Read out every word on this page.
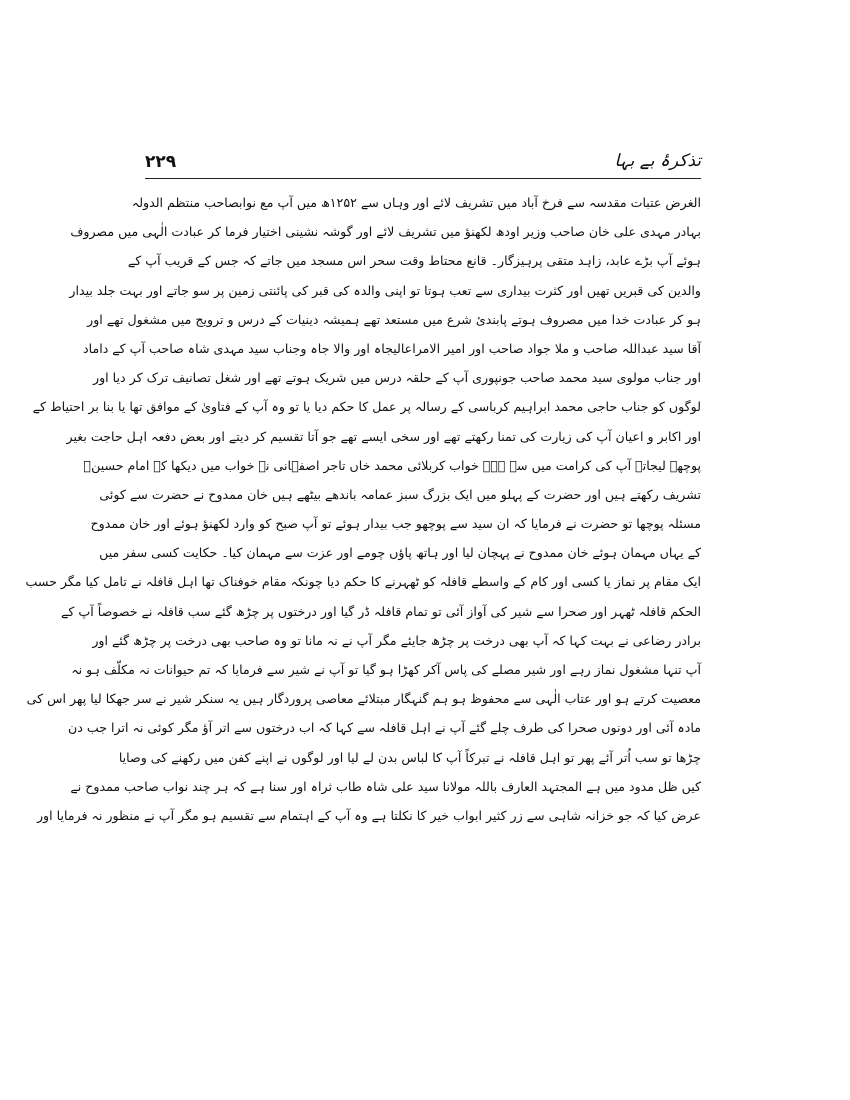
۲۲۹	تذکرۂ بے بہا
الغرض عتبات مقدسہ سے فرخ آباد میں تشریف لائے اور وہاں سے ۱۲۵۲ھ میں آپ مع نوابصاحب منتظم الدولہ
بہادر مہدی علی خان صاحب وزیر اودھ لکھنؤ میں تشریف لائے اور گوشہ نشینی اختیار فرما کر عبادت الٰہی میں مصروف
ہوئے آپ بڑے عابد، زاہد متقی پرہیزگار۔ قانع محتاط وقت سحر اس مسجد میں جاتے کہ جس کے قریب آپ کے
والدین کی قبریں تھیں اور کثرت بیداری سے تعب ہوتا تو اپنی والدہ کی قبر کی پائنتی زمین پر سو جاتے اور بہت جلد بیدار
ہو کر عبادت خدا میں مصروف ہوتے پابندئ شرع میں مستعد تھے ہمیشہ دینیات کے درس و ترویج میں مشغول تھے اور
آقا سید عبداللہ صاحب و ملا جواد صاحب اور امیر الامراعالیجاہ اور والا جاہ وجناب سید مہدی شاہ صاحب آپ کے داماد
اور جناب مولوی سید محمد صاحب جونپوری آپ کے حلقہ درس میں شریک ہوتے تھے اور شغل تصانیف ترک کر دیا اور
لوگوں کو جناب حاجی محمد ابراہیم کرباسی کے رسالہ پر عمل کا حکم دیا یا تو وہ آپ کے فتاویٰ کے موافق تھا یا بنا بر احتیاط کے
اور اکابر و اعیان آپ کی زیارت کی تمنا رکھتے تھے اور سخی ایسے تھے جو آتا تقسیم کر دیتے اور بعض دفعہ اہل حاجت بغیر
پوچھے لیجاتے آپ کی کرامت میں سے ہے۔ خواب کربلائی محمد خاں تاجر اصفہانی نے خواب میں دیکھا کہ امام حسینؑ
تشریف رکھتے ہیں اور حضرت کے پہلو میں ایک بزرگ سبز عمامہ باندھے بیٹھے ہیں خان ممدوح نے حضرت سے کوئی
مسئلہ پوچھا تو حضرت نے فرمایا کہ ان سید سے پوچھو جب بیدار ہوئے تو آپ صبح کو وارد لکھنؤ ہوئے اور خان ممدوح
کے یہاں مہمان ہوئے خان ممدوح نے پہچان لیا اور ہاتھ پاؤں چومے اور عزت سے مہمان کیا۔ حکایت کسی سفر میں
ایک مقام پر نماز یا کسی اور کام کے واسطے قافلہ کو ٹھہرنے کا حکم دیا چونکہ مقام خوفناک تھا اہل قافلہ نے تامل کیا مگر حسب
الحکم قافلہ ٹھہر اور صحرا سے شیر کی آواز آئی تو تمام قافلہ ڈر گیا اور درختوں پر چڑھ گئے سب قافلہ نے خصوصاً آپ کے
برادر رضاعی نے بہت کہا کہ آپ بھی درخت پر چڑھ جایئے مگر آپ نے نہ مانا تو وہ صاحب بھی درخت پر چڑھ گئے اور
آپ تنہا مشغول نماز رہے اور شیر مصلے کی پاس آکر کھڑا ہو گیا تو آپ نے شیر سے فرمایا کہ تم حیوانات نہ مکلّف ہو نہ
معصیت کرتے ہو اور عتاب الٰہی سے محفوظ ہو ہم گنہگار مبتلائے معاصی پروردگار ہیں یہ سنکر شیر نے سر جھکا لیا پھر اس کی
مادہ آئی اور دونوں صحرا کی طرف چلے گئے آپ نے اہل قافلہ سے کہا کہ اب درختوں سے اتر آؤ مگر کوئی نہ اترا جب دن
چڑھا تو سب اُتر آئے پھر تو اہل قافلہ نے تبرکاً آپ کا لباس بدن لے لیا اور لوگوں نے اپنے کفن میں رکھنے کی وصایا
کیں ظل مدود میں ہے المجتہد العارف باللہ مولانا سید علی شاہ طاب ثراہ اور سنا ہے کہ ہر چند نواب صاحب ممدوح نے
عرض کیا کہ جو خزانہ شاہی سے زر کثیر ابواب خیر کا نکلتا ہے وہ آپ کے اہتمام سے تقسیم ہو مگر آپ نے منظور نہ فرمایا اور
